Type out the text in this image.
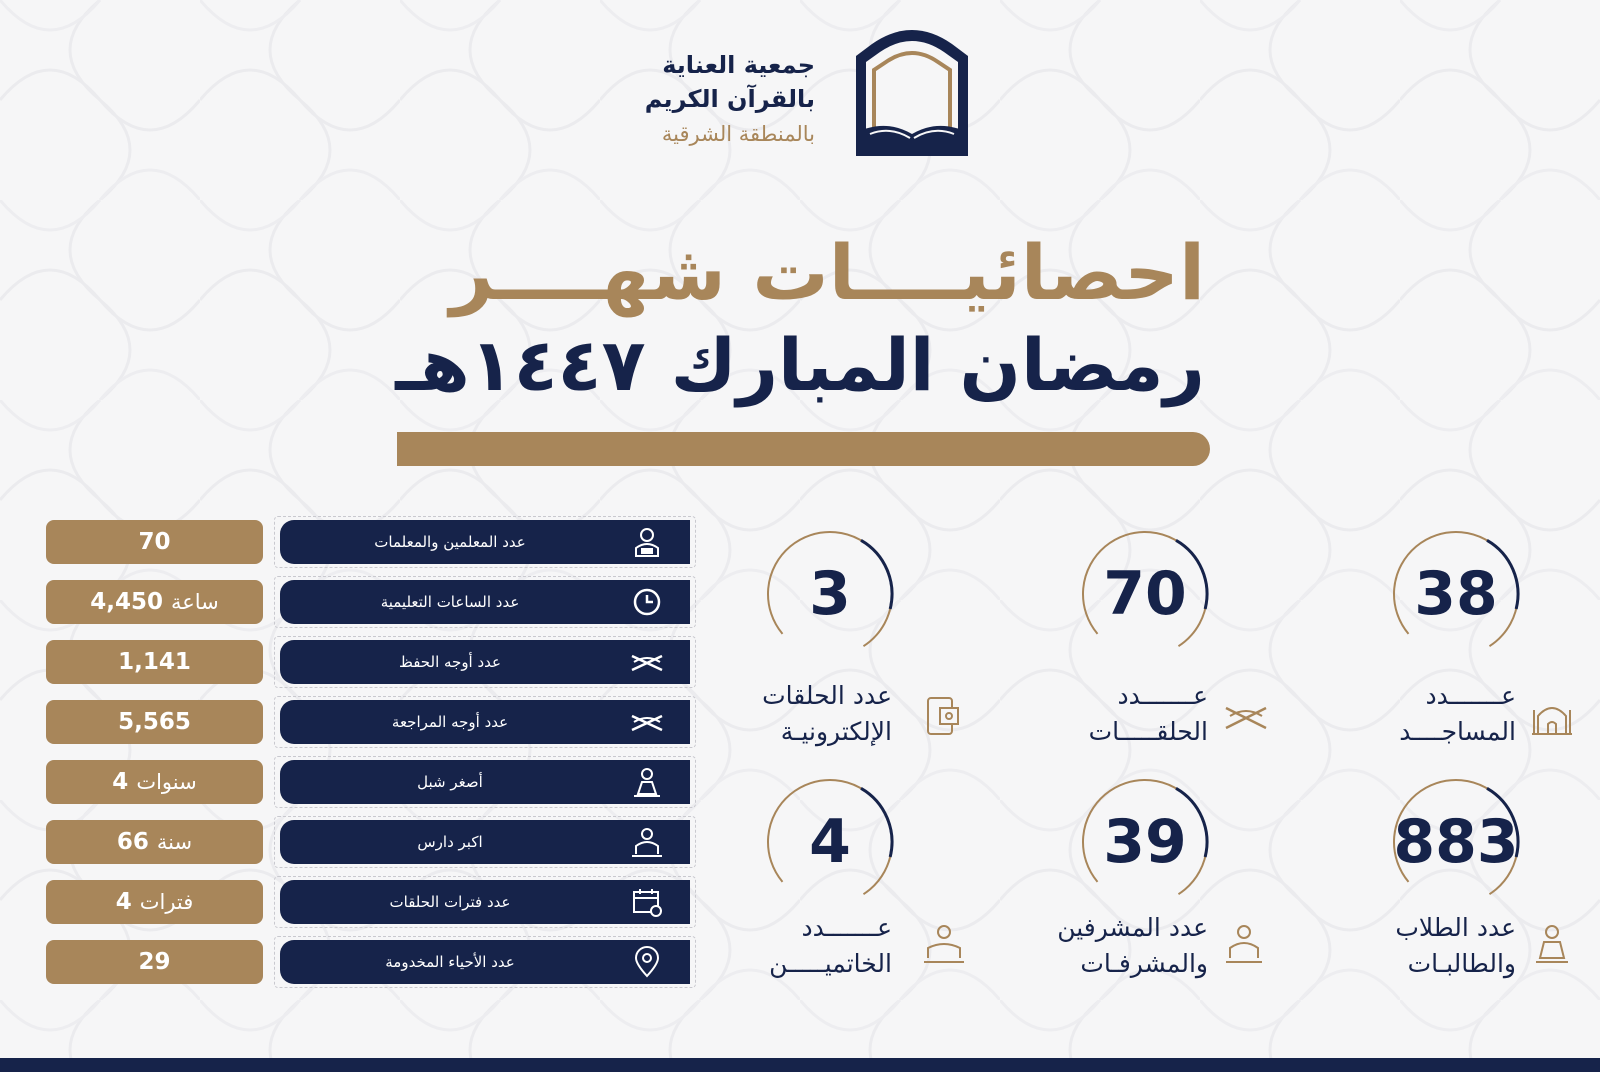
جمعية العناية
بالقرآن الكريم
بالمنطقة الشرقية
احصائيــــات شهــــر
رمضان المبارك ١٤٤٧هـ
70	عدد المعلمين والمعلمات
4,450 ساعة	عدد الساعات التعليمية
1,141	عدد أوجه الحفظ
5,565	عدد أوجه المراجعة
4 سنوات	أصغر شبل
66 سنة	اكبر دارس
4 فترات	عدد فترات الحلقات
29	عدد الأحياء المخدومة
38
عـــــــدد
المساجــــد
70
عـــــــدد
الحلقـــــات
3
عدد الحلقات
الإلكترونيـة
883
عدد الطلاب
والطالبـات
39
عدد المشرفين
والمشرفـات
4
عـــــــدد
الخاتميـــــن
